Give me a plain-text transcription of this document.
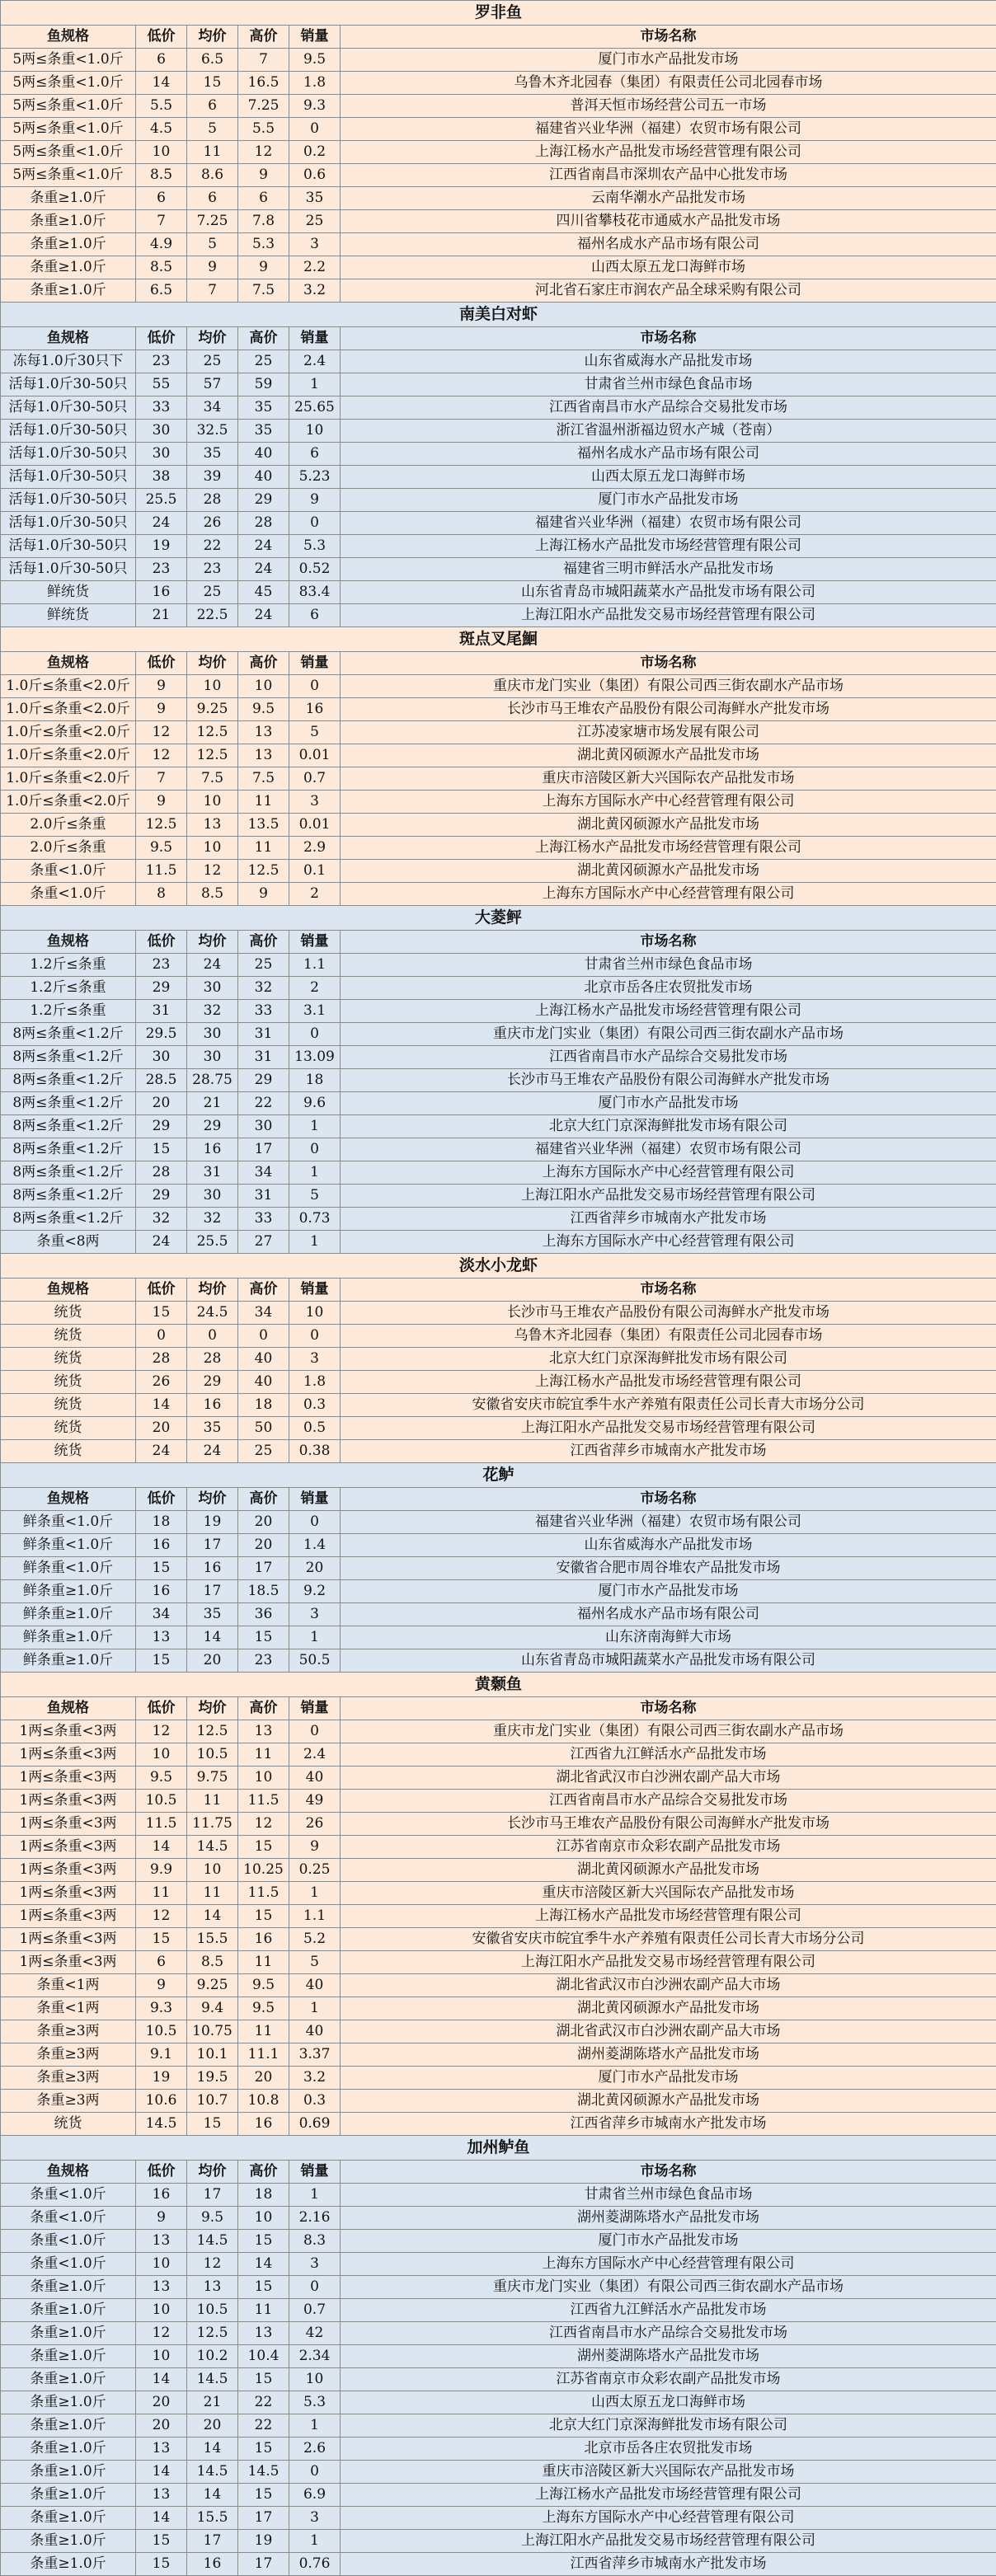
罗非鱼					
鱼规格	低价	均价	高价	销量	市场名称
5两≤条重<1.0斤	6	6.5	7	9.5	厦门市水产品批发市场
5两≤条重<1.0斤	14	15	16.5	1.8	乌鲁木齐北园春（集团）有限责任公司北园春市场
5两≤条重<1.0斤	5.5	6	7.25	9.3	普洱天恒市场经营公司五一市场
5两≤条重<1.0斤	4.5	5	5.5	0	福建省兴业华洲（福建）农贸市场有限公司
5两≤条重<1.0斤	10	11	12	0.2	上海江杨水产品批发市场经营管理有限公司
5两≤条重<1.0斤	8.5	8.6	9	0.6	江西省南昌市深圳农产品中心批发市场
条重≥1.0斤	6	6	6	35	云南华潮水产品批发市场
条重≥1.0斤	7	7.25	7.8	25	四川省攀枝花市通威水产品批发市场
条重≥1.0斤	4.9	5	5.3	3	福州名成水产品市场有限公司
条重≥1.0斤	8.5	9	9	2.2	山西太原五龙口海鲜市场
条重≥1.0斤	6.5	7	7.5	3.2	河北省石家庄市润农产品全球采购有限公司
南美白对虾					
鱼规格	低价	均价	高价	销量	市场名称
冻每1.0斤30只下	23	25	25	2.4	山东省威海水产品批发市场
活每1.0斤30-50只	55	57	59	1	甘肃省兰州市绿色食品市场
活每1.0斤30-50只	33	34	35	25.65	江西省南昌市水产品综合交易批发市场
活每1.0斤30-50只	30	32.5	35	10	浙江省温州浙福边贸水产城（苍南）
活每1.0斤30-50只	30	35	40	6	福州名成水产品市场有限公司
活每1.0斤30-50只	38	39	40	5.23	山西太原五龙口海鲜市场
活每1.0斤30-50只	25.5	28	29	9	厦门市水产品批发市场
活每1.0斤30-50只	24	26	28	0	福建省兴业华洲（福建）农贸市场有限公司
活每1.0斤30-50只	19	22	24	5.3	上海江杨水产品批发市场经营管理有限公司
活每1.0斤30-50只	23	23	24	0.52	福建省三明市鲜活水产品批发市场
鲜统货	16	25	45	83.4	山东省青岛市城阳蔬菜水产品批发市场有限公司
鲜统货	21	22.5	24	6	上海江阳水产品批发交易市场经营管理有限公司
斑点叉尾鮰					
鱼规格	低价	均价	高价	销量	市场名称
1.0斤≤条重<2.0斤	9	10	10	0	重庆市龙门实业（集团）有限公司西三街农副水产品市场
1.0斤≤条重<2.0斤	9	9.25	9.5	16	长沙市马王堆农产品股份有限公司海鲜水产批发市场
1.0斤≤条重<2.0斤	12	12.5	13	5	江苏凌家塘市场发展有限公司
1.0斤≤条重<2.0斤	12	12.5	13	0.01	湖北黄冈硕源水产品批发市场
1.0斤≤条重<2.0斤	7	7.5	7.5	0.7	重庆市涪陵区新大兴国际农产品批发市场
1.0斤≤条重<2.0斤	9	10	11	3	上海东方国际水产中心经营管理有限公司
2.0斤≤条重	12.5	13	13.5	0.01	湖北黄冈硕源水产品批发市场
2.0斤≤条重	9.5	10	11	2.9	上海江杨水产品批发市场经营管理有限公司
条重<1.0斤	11.5	12	12.5	0.1	湖北黄冈硕源水产品批发市场
条重<1.0斤	8	8.5	9	2	上海东方国际水产中心经营管理有限公司
大菱鲆					
鱼规格	低价	均价	高价	销量	市场名称
1.2斤≤条重	23	24	25	1.1	甘肃省兰州市绿色食品市场
1.2斤≤条重	29	30	32	2	北京市岳各庄农贸批发市场
1.2斤≤条重	31	32	33	3.1	上海江杨水产品批发市场经营管理有限公司
8两≤条重<1.2斤	29.5	30	31	0	重庆市龙门实业（集团）有限公司西三街农副水产品市场
8两≤条重<1.2斤	30	30	31	13.09	江西省南昌市水产品综合交易批发市场
8两≤条重<1.2斤	28.5	28.75	29	18	长沙市马王堆农产品股份有限公司海鲜水产批发市场
8两≤条重<1.2斤	20	21	22	9.6	厦门市水产品批发市场
8两≤条重<1.2斤	29	29	30	1	北京大红门京深海鲜批发市场有限公司
8两≤条重<1.2斤	15	16	17	0	福建省兴业华洲（福建）农贸市场有限公司
8两≤条重<1.2斤	28	31	34	1	上海东方国际水产中心经营管理有限公司
8两≤条重<1.2斤	29	30	31	5	上海江阳水产品批发交易市场经营管理有限公司
8两≤条重<1.2斤	32	32	33	0.73	江西省萍乡市城南水产批发市场
条重<8两	24	25.5	27	1	上海东方国际水产中心经营管理有限公司
淡水小龙虾					
鱼规格	低价	均价	高价	销量	市场名称
统货	15	24.5	34	10	长沙市马王堆农产品股份有限公司海鲜水产批发市场
统货	0	0	0	0	乌鲁木齐北园春（集团）有限责任公司北园春市场
统货	28	28	40	3	北京大红门京深海鲜批发市场有限公司
统货	26	29	40	1.8	上海江杨水产品批发市场经营管理有限公司
统货	14	16	18	0.3	安徽省安庆市皖宜季牛水产养殖有限责任公司长青大市场分公司
统货	20	35	50	0.5	上海江阳水产品批发交易市场经营管理有限公司
统货	24	24	25	0.38	江西省萍乡市城南水产批发市场
花鲈					
鱼规格	低价	均价	高价	销量	市场名称
鲜条重<1.0斤	18	19	20	0	福建省兴业华洲（福建）农贸市场有限公司
鲜条重<1.0斤	16	17	20	1.4	山东省威海水产品批发市场
鲜条重<1.0斤	15	16	17	20	安徽省合肥市周谷堆农产品批发市场
鲜条重≥1.0斤	16	17	18.5	9.2	厦门市水产品批发市场
鲜条重≥1.0斤	34	35	36	3	福州名成水产品市场有限公司
鲜条重≥1.0斤	13	14	15	1	山东济南海鲜大市场
鲜条重≥1.0斤	15	20	23	50.5	山东省青岛市城阳蔬菜水产品批发市场有限公司
黄颡鱼					
鱼规格	低价	均价	高价	销量	市场名称
1两≤条重<3两	12	12.5	13	0	重庆市龙门实业（集团）有限公司西三街农副水产品市场
1两≤条重<3两	10	10.5	11	2.4	江西省九江鲜活水产品批发市场
1两≤条重<3两	9.5	9.75	10	40	湖北省武汉市白沙洲农副产品大市场
1两≤条重<3两	10.5	11	11.5	49	江西省南昌市水产品综合交易批发市场
1两≤条重<3两	11.5	11.75	12	26	长沙市马王堆农产品股份有限公司海鲜水产批发市场
1两≤条重<3两	14	14.5	15	9	江苏省南京市众彩农副产品批发市场
1两≤条重<3两	9.9	10	10.25	0.25	湖北黄冈硕源水产品批发市场
1两≤条重<3两	11	11	11.5	1	重庆市涪陵区新大兴国际农产品批发市场
1两≤条重<3两	12	14	15	1.1	上海江杨水产品批发市场经营管理有限公司
1两≤条重<3两	15	15.5	16	5.2	安徽省安庆市皖宜季牛水产养殖有限责任公司长青大市场分公司
1两≤条重<3两	6	8.5	11	5	上海江阳水产品批发交易市场经营管理有限公司
条重<1两	9	9.25	9.5	40	湖北省武汉市白沙洲农副产品大市场
条重<1两	9.3	9.4	9.5	1	湖北黄冈硕源水产品批发市场
条重≥3两	10.5	10.75	11	40	湖北省武汉市白沙洲农副产品大市场
条重≥3两	9.1	10.1	11.1	3.37	湖州菱湖陈塔水产品批发市场
条重≥3两	19	19.5	20	3.2	厦门市水产品批发市场
条重≥3两	10.6	10.7	10.8	0.3	湖北黄冈硕源水产品批发市场
统货	14.5	15	16	0.69	江西省萍乡市城南水产批发市场
加州鲈鱼					
鱼规格	低价	均价	高价	销量	市场名称
条重<1.0斤	16	17	18	1	甘肃省兰州市绿色食品市场
条重<1.0斤	9	9.5	10	2.16	湖州菱湖陈塔水产品批发市场
条重<1.0斤	13	14.5	15	8.3	厦门市水产品批发市场
条重<1.0斤	10	12	14	3	上海东方国际水产中心经营管理有限公司
条重≥1.0斤	13	13	15	0	重庆市龙门实业（集团）有限公司西三街农副水产品市场
条重≥1.0斤	10	10.5	11	0.7	江西省九江鲜活水产品批发市场
条重≥1.0斤	12	12.5	13	42	江西省南昌市水产品综合交易批发市场
条重≥1.0斤	10	10.2	10.4	2.34	湖州菱湖陈塔水产品批发市场
条重≥1.0斤	14	14.5	15	10	江苏省南京市众彩农副产品批发市场
条重≥1.0斤	20	21	22	5.3	山西太原五龙口海鲜市场
条重≥1.0斤	20	20	22	1	北京大红门京深海鲜批发市场有限公司
条重≥1.0斤	13	14	15	2.6	北京市岳各庄农贸批发市场
条重≥1.0斤	14	14.5	14.5	0	重庆市涪陵区新大兴国际农产品批发市场
条重≥1.0斤	13	14	15	6.9	上海江杨水产品批发市场经营管理有限公司
条重≥1.0斤	14	15.5	17	3	上海东方国际水产中心经营管理有限公司
条重≥1.0斤	15	17	19	1	上海江阳水产品批发交易市场经营管理有限公司
条重≥1.0斤	15	16	17	0.76	江西省萍乡市城南水产批发市场
